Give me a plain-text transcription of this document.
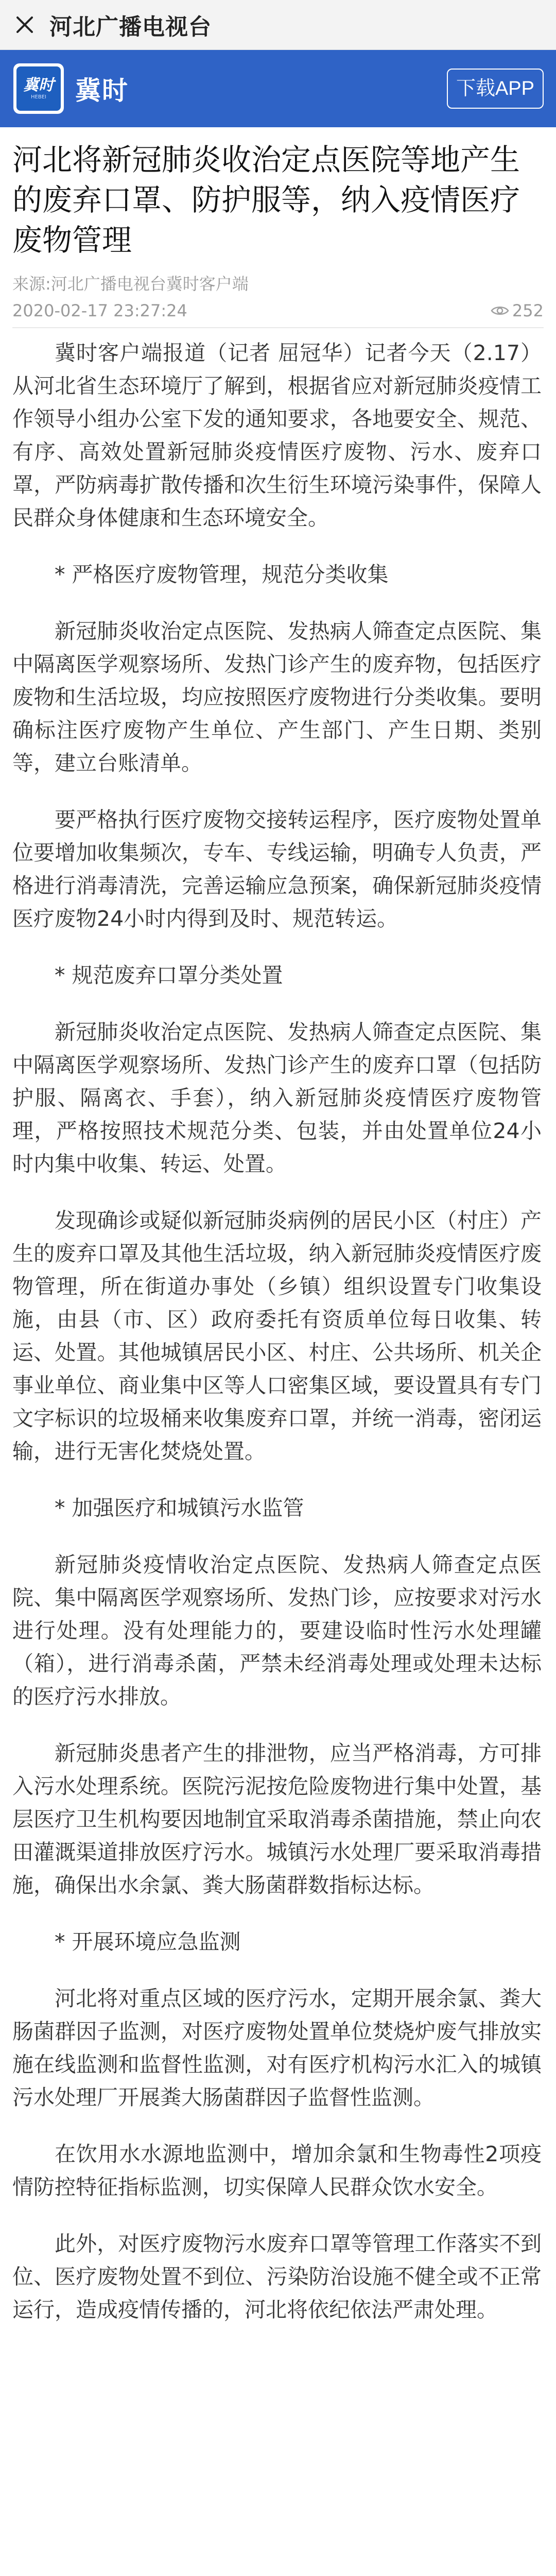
河北广播电视台
冀时
HEBEI 冀时	下载APP
河北将新冠肺炎收治定点医院等地产生的废弃口罩、防护服等，纳入疫情医疗废物管理
来源:河北广播电视台冀时客户端
2020-02-17 23:27:24	252

冀时客户端报道（记者 屈冠华）记者今天（2.17）从河北省生态环境厅了解到，根据省应对新冠肺炎疫情工作领导小组办公室下发的通知要求，各地要安全、规范、有序、高效处置新冠肺炎疫情医疗废物、污水、废弃口罩，严防病毒扩散传播和次生衍生环境污染事件，保障人民群众身体健康和生态环境安全。

* 严格医疗废物管理，规范分类收集

新冠肺炎收治定点医院、发热病人筛查定点医院、集中隔离医学观察场所、发热门诊产生的废弃物，包括医疗废物和生活垃圾，均应按照医疗废物进行分类收集。要明确标注医疗废物产生单位、产生部门、产生日期、类别等，建立台账清单。

要严格执行医疗废物交接转运程序，医疗废物处置单位要增加收集频次，专车、专线运输，明确专人负责，严格进行消毒清洗，完善运输应急预案，确保新冠肺炎疫情医疗废物24小时内得到及时、规范转运。

* 规范废弃口罩分类处置

新冠肺炎收治定点医院、发热病人筛查定点医院、集中隔离医学观察场所、发热门诊产生的废弃口罩（包括防护服、隔离衣、手套），纳入新冠肺炎疫情医疗废物管理，严格按照技术规范分类、包装，并由处置单位24小时内集中收集、转运、处置。

发现确诊或疑似新冠肺炎病例的居民小区（村庄）产生的废弃口罩及其他生活垃圾，纳入新冠肺炎疫情医疗废物管理，所在街道办事处（乡镇）组织设置专门收集设施，由县（市、区）政府委托有资质单位每日收集、转运、处置。其他城镇居民小区、村庄、公共场所、机关企事业单位、商业集中区等人口密集区域，要设置具有专门文字标识的垃圾桶来收集废弃口罩，并统一消毒，密闭运输，进行无害化焚烧处置。

* 加强医疗和城镇污水监管

新冠肺炎疫情收治定点医院、发热病人筛查定点医院、集中隔离医学观察场所、发热门诊，应按要求对污水进行处理。没有处理能力的，要建设临时性污水处理罐（箱），进行消毒杀菌，严禁未经消毒处理或处理未达标的医疗污水排放。

新冠肺炎患者产生的排泄物，应当严格消毒，方可排入污水处理系统。医院污泥按危险废物进行集中处置，基层医疗卫生机构要因地制宜采取消毒杀菌措施，禁止向农田灌溉渠道排放医疗污水。城镇污水处理厂要采取消毒措施，确保出水余氯、粪大肠菌群数指标达标。

* 开展环境应急监测

河北将对重点区域的医疗污水，定期开展余氯、粪大肠菌群因子监测，对医疗废物处置单位焚烧炉废气排放实施在线监测和监督性监测，对有医疗机构污水汇入的城镇污水处理厂开展粪大肠菌群因子监督性监测。

在饮用水水源地监测中，增加余氯和生物毒性2项疫情防控特征指标监测，切实保障人民群众饮水安全。

此外，对医疗废物污水废弃口罩等管理工作落实不到位、医疗废物处置不到位、污染防治设施不健全或不正常运行，造成疫情传播的，河北将依纪依法严肃处理。
